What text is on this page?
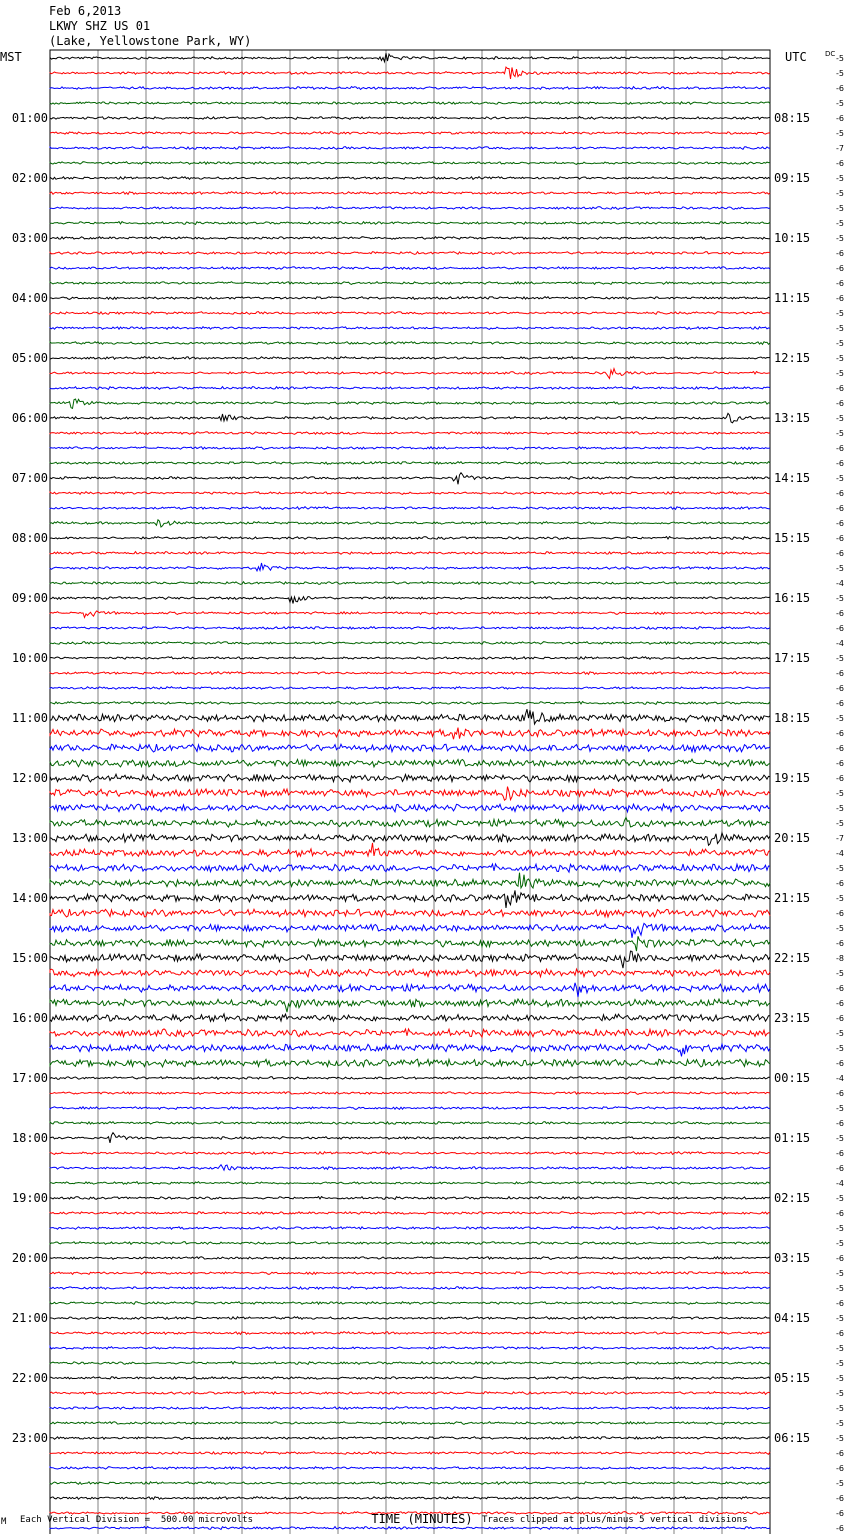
Feb 6,2013
LKWY SHZ US 01
(Lake, Yellowstone Park, WY)
MST	UTC	DC
01:00
02:00
03:00
04:00
05:00
06:00
07:00
08:00
09:00
10:00
11:00
12:00
13:00
14:00
15:00
16:00
17:00
18:00
19:00
20:00
21:00
22:00
23:00
08:15
09:15
10:15
11:15
12:15
13:15
14:15
15:15
16:15
17:15
18:15
19:15
20:15
21:15
22:15
23:15
00:15
01:15
02:15
03:15
04:15
05:15
06:15
-5
-5
-6
-5
-6
-5
-7
-6
-5
-5
-5
-5
-5
-6
-6
-6
-6
-5
-5
-5
-5
-5
-6
-6
-5
-5
-6
-6
-5
-6
-6
-6
-6
-6
-5
-4
-5
-6
-6
-4
-5
-6
-6
-6
-5
-6
-6
-6
-6
-5
-5
-5
-7
-4
-5
-6
-5
-6
-5
-6
-8
-5
-6
-6
-6
-5
-5
-6
-4
-6
-5
-6
-5
-6
-6
-4
-5
-6
-5
-5
-6
-5
-5
-6
-5
-6
-5
-5
-5
-5
-5
-5
-5
-6
-6
-5
-6
-6
-6
TIME (MINUTES)
M Each Vertical Division =  500.00 microvolts	Traces clipped at plus/minus 5 vertical divisions
